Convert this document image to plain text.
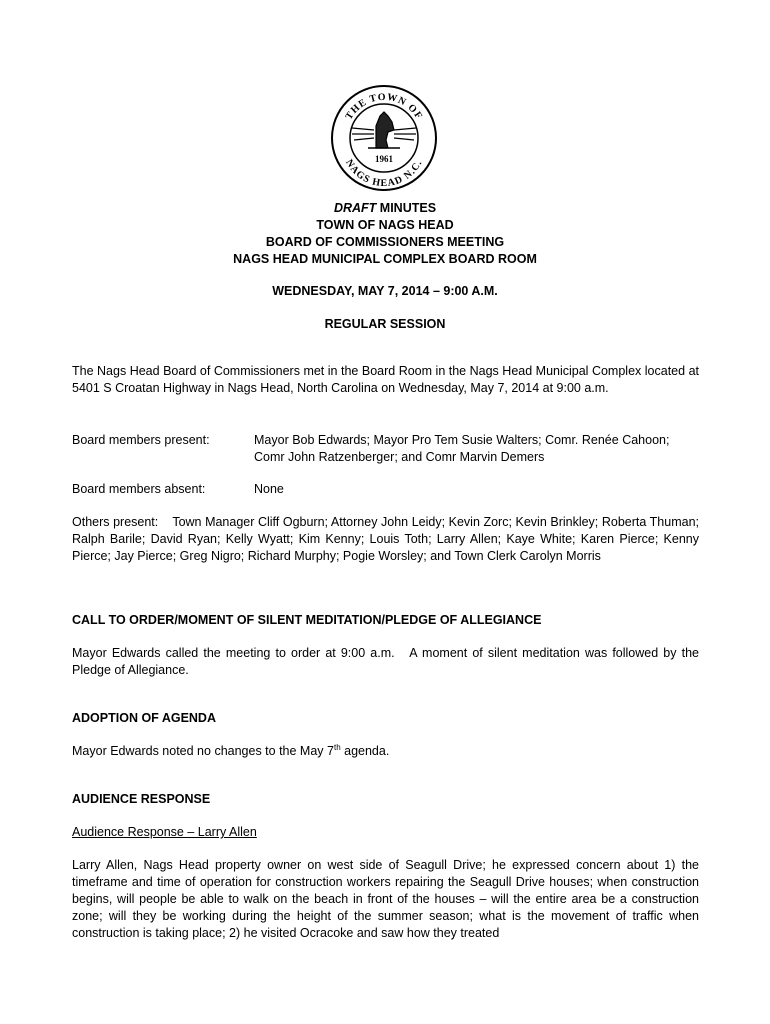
THE TOWN OF
NAGS HEAD N.C.
1961
DRAFT MINUTES
TOWN OF NAGS HEAD
BOARD OF COMMISSIONERS MEETING
NAGS HEAD MUNICIPAL COMPLEX BOARD ROOM
WEDNESDAY, MAY 7, 2014 – 9:00 A.M.
REGULAR SESSION
The Nags Head Board of Commissioners met in the Board Room in the Nags Head Municipal Complex located at 5401 S Croatan Highway in Nags Head, North Carolina on Wednesday, May 7, 2014 at 9:00 a.m.
Board members present:	Mayor Bob Edwards; Mayor Pro Tem Susie Walters; Comr. Renée Cahoon; Comr John Ratzenberger; and Comr Marvin Demers
Board members absent:	None
Others present:    Town Manager Cliff Ogburn; Attorney John Leidy; Kevin Zorc; Kevin Brinkley; Roberta Thuman; Ralph Barile; David Ryan; Kelly Wyatt; Kim Kenny; Louis Toth; Larry Allen; Kaye White; Karen Pierce; Kenny Pierce; Jay Pierce; Greg Nigro; Richard Murphy; Pogie Worsley; and Town Clerk Carolyn Morris
CALL TO ORDER/MOMENT OF SILENT MEDITATION/PLEDGE OF ALLEGIANCE
Mayor Edwards called the meeting to order at 9:00 a.m.   A moment of silent meditation was followed by the Pledge of Allegiance.
ADOPTION OF AGENDA
Mayor Edwards noted no changes to the May 7th agenda.
AUDIENCE RESPONSE
Audience Response – Larry Allen
Larry Allen, Nags Head property owner on west side of Seagull Drive; he expressed concern about 1) the timeframe and time of operation for construction workers repairing the Seagull Drive houses; when construction begins, will people be able to walk on the beach in front of the houses – will the entire area be a construction zone; will they be working during the height of the summer season; what is the movement of traffic when construction is taking place; 2) he visited Ocracoke and saw how they treated
